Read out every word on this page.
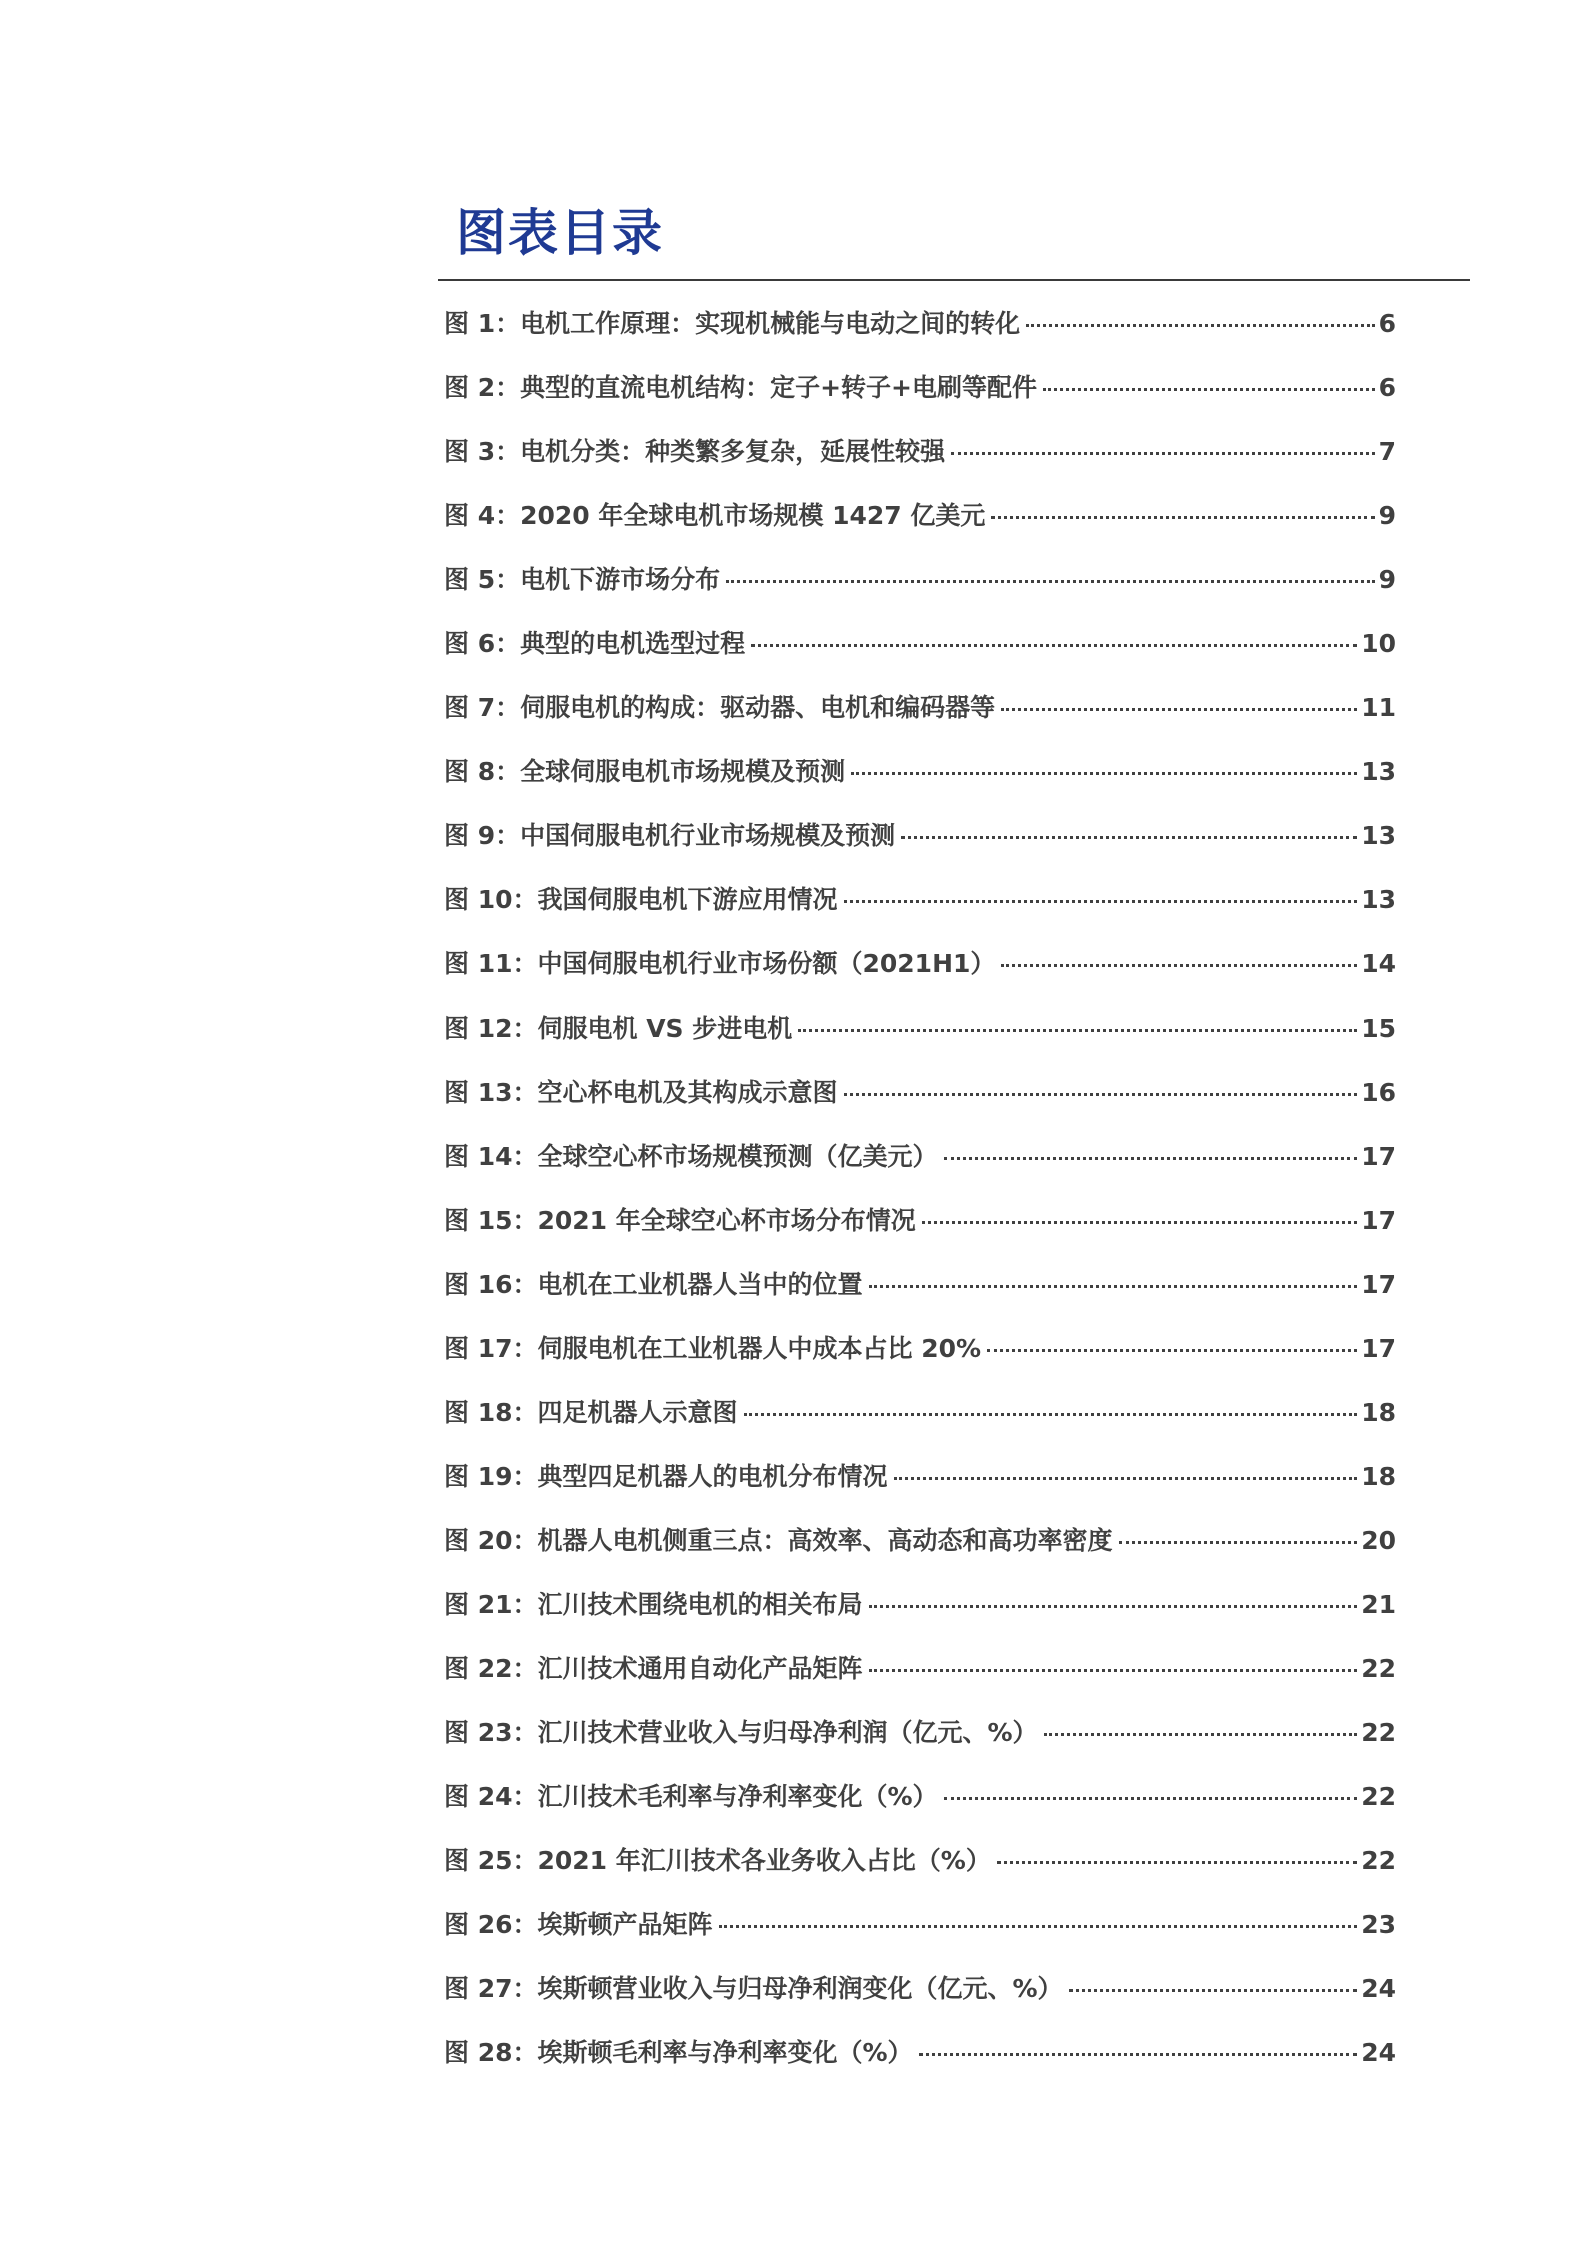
图表目录
图 1：电机工作原理：实现机械能与电动之间的转化	6
图 2：典型的直流电机结构：定子+转子+电刷等配件	6
图 3：电机分类：种类繁多复杂，延展性较强	7
图 4：2020 年全球电机市场规模 1427 亿美元	9
图 5：电机下游市场分布	9
图 6：典型的电机选型过程	10
图 7：伺服电机的构成：驱动器、电机和编码器等	11
图 8：全球伺服电机市场规模及预测	13
图 9：中国伺服电机行业市场规模及预测	13
图 10：我国伺服电机下游应用情况	13
图 11：中国伺服电机行业市场份额（2021H1）	14
图 12：伺服电机 VS 步进电机	15
图 13：空心杯电机及其构成示意图	16
图 14：全球空心杯市场规模预测（亿美元）	17
图 15：2021 年全球空心杯市场分布情况	17
图 16：电机在工业机器人当中的位置	17
图 17：伺服电机在工业机器人中成本占比 20%	17
图 18：四足机器人示意图	18
图 19：典型四足机器人的电机分布情况	18
图 20：机器人电机侧重三点：高效率、高动态和高功率密度	20
图 21：汇川技术围绕电机的相关布局	21
图 22：汇川技术通用自动化产品矩阵	22
图 23：汇川技术营业收入与归母净利润（亿元、%）	22
图 24：汇川技术毛利率与净利率变化（%）	22
图 25：2021 年汇川技术各业务收入占比（%）	22
图 26：埃斯顿产品矩阵	23
图 27：埃斯顿营业收入与归母净利润变化（亿元、%）	24
图 28：埃斯顿毛利率与净利率变化（%）	24
